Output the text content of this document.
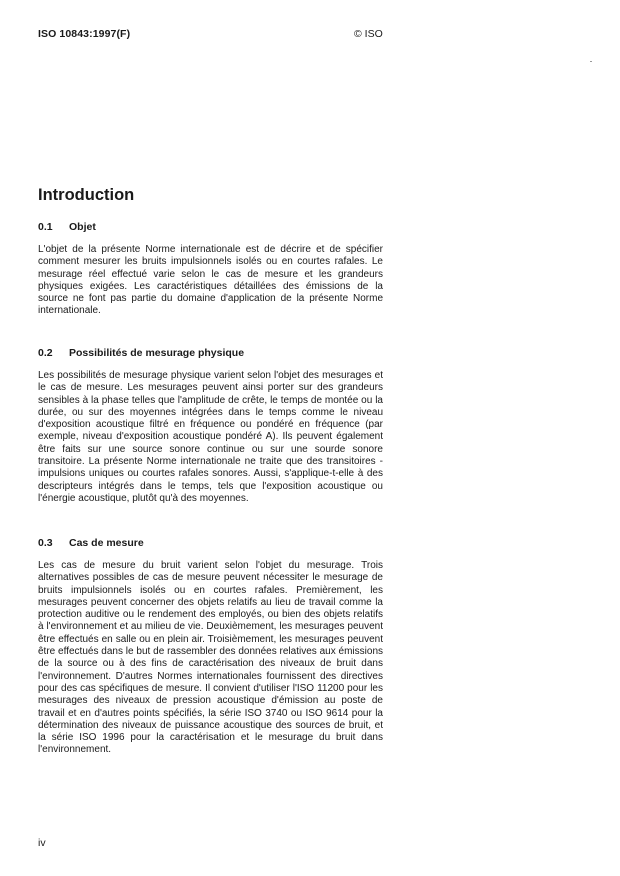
ISO 10843:1997(F)	© ISO
Introduction
0.1 Objet

L'objet de la présente Norme internationale est de décrire et de spécifier comment mesurer les bruits impulsionnels isolés ou en courtes rafales. Le mesurage réel effectué varie selon le cas de mesure et les grandeurs physiques exigées. Les caractéristiques détaillées des émissions de la source ne font pas partie du domaine d'application de la présente Norme internationale.

0.2 Possibilités de mesurage physique

Les possibilités de mesurage physique varient selon l'objet des mesurages et le cas de mesure. Les mesurages peuvent ainsi porter sur des grandeurs sensibles à la phase telles que l'amplitude de crête, le temps de montée ou la durée, ou sur des moyennes intégrées dans le temps comme le niveau d'exposition acoustique filtré en fréquence ou pondéré en fréquence (par exemple, niveau d'exposition acoustique pondéré A). Ils peuvent également être faits sur une source sonore continue ou sur une sourde sonore transitoire. La présente Norme internationale ne traite que des transitoires - impulsions uniques ou courtes rafales sonores. Aussi, s'applique-t-elle à des descripteurs intégrés dans le temps, tels que l'exposition acoustique ou l'énergie acoustique, plutôt qu'à des moyennes.

0.3 Cas de mesure

Les cas de mesure du bruit varient selon l'objet du mesurage. Trois alternatives possibles de cas de mesure peuvent nécessiter le mesurage de bruits impulsionnels isolés ou en courtes rafales. Premièrement, les mesurages peuvent concerner des objets relatifs au lieu de travail comme la protection auditive ou le rendement des employés, ou bien des objets relatifs à l'environnement et au milieu de vie. Deuxièmement, les mesurages peuvent être effectués en salle ou en plein air. Troisièmement, les mesurages peuvent être effectués dans le but de rassembler des données relatives aux émissions de la source ou à des fins de caractérisation des niveaux de bruit dans l'environnement. D'autres Normes internationales fournissent des directives pour des cas spécifiques de mesure. Il convient d'utiliser l'ISO 11200 pour les mesurages des niveaux de pression acoustique d'émission au poste de travail et en d'autres points spécifiés, la série ISO 3740 ou ISO 9614 pour la détermination des niveaux de puissance acoustique des sources de bruit, et la série ISO 1996 pour la caractérisation et le mesurage du bruit dans l'environnement.

iv
